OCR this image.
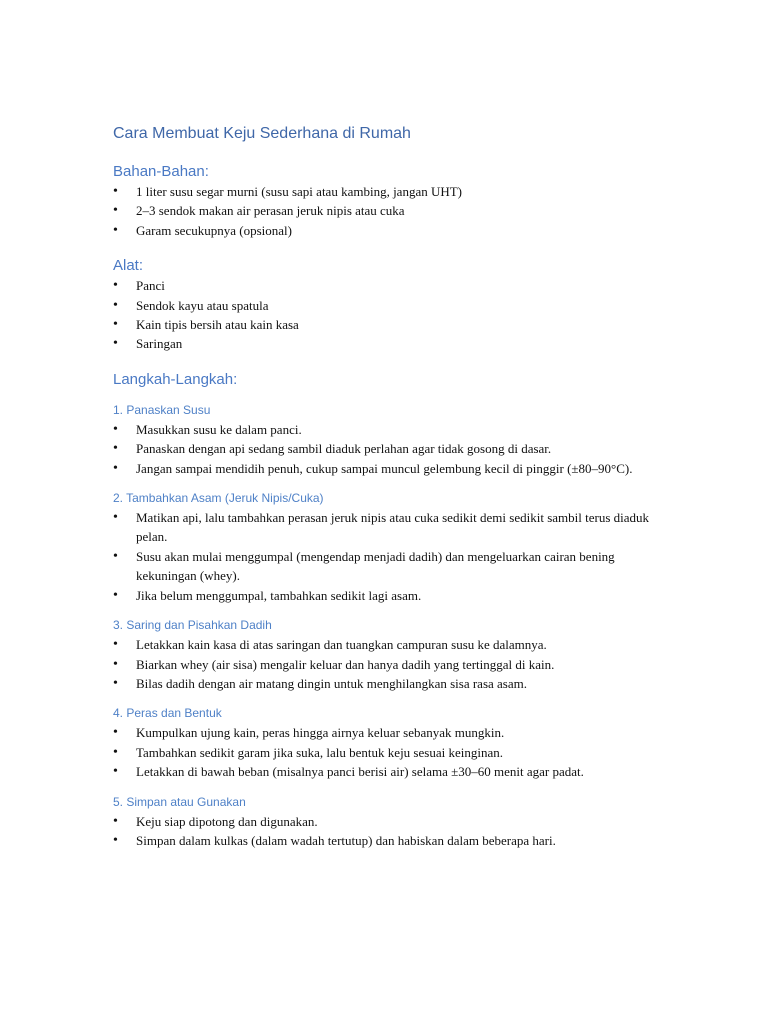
Cara Membuat Keju Sederhana di Rumah
Bahan-Bahan:
• 1 liter susu segar murni (susu sapi atau kambing, jangan UHT)
• 2–3 sendok makan air perasan jeruk nipis atau cuka
• Garam secukupnya (opsional)
Alat:
• Panci
• Sendok kayu atau spatula
• Kain tipis bersih atau kain kasa
• Saringan
Langkah-Langkah:
1. Panaskan Susu
• Masukkan susu ke dalam panci.
• Panaskan dengan api sedang sambil diaduk perlahan agar tidak gosong di dasar.
• Jangan sampai mendidih penuh, cukup sampai muncul gelembung kecil di pinggir (±80–90°C).
2. Tambahkan Asam (Jeruk Nipis/Cuka)
• Matikan api, lalu tambahkan perasan jeruk nipis atau cuka sedikit demi sedikit sambil terus diaduk pelan.
• Susu akan mulai menggumpal (mengendap menjadi dadih) dan mengeluarkan cairan bening kekuningan (whey).
• Jika belum menggumpal, tambahkan sedikit lagi asam.
3. Saring dan Pisahkan Dadih
• Letakkan kain kasa di atas saringan dan tuangkan campuran susu ke dalamnya.
• Biarkan whey (air sisa) mengalir keluar dan hanya dadih yang tertinggal di kain.
• Bilas dadih dengan air matang dingin untuk menghilangkan sisa rasa asam.
4. Peras dan Bentuk
• Kumpulkan ujung kain, peras hingga airnya keluar sebanyak mungkin.
• Tambahkan sedikit garam jika suka, lalu bentuk keju sesuai keinginan.
• Letakkan di bawah beban (misalnya panci berisi air) selama ±30–60 menit agar padat.
5. Simpan atau Gunakan
• Keju siap dipotong dan digunakan.
• Simpan dalam kulkas (dalam wadah tertutup) dan habiskan dalam beberapa hari.
